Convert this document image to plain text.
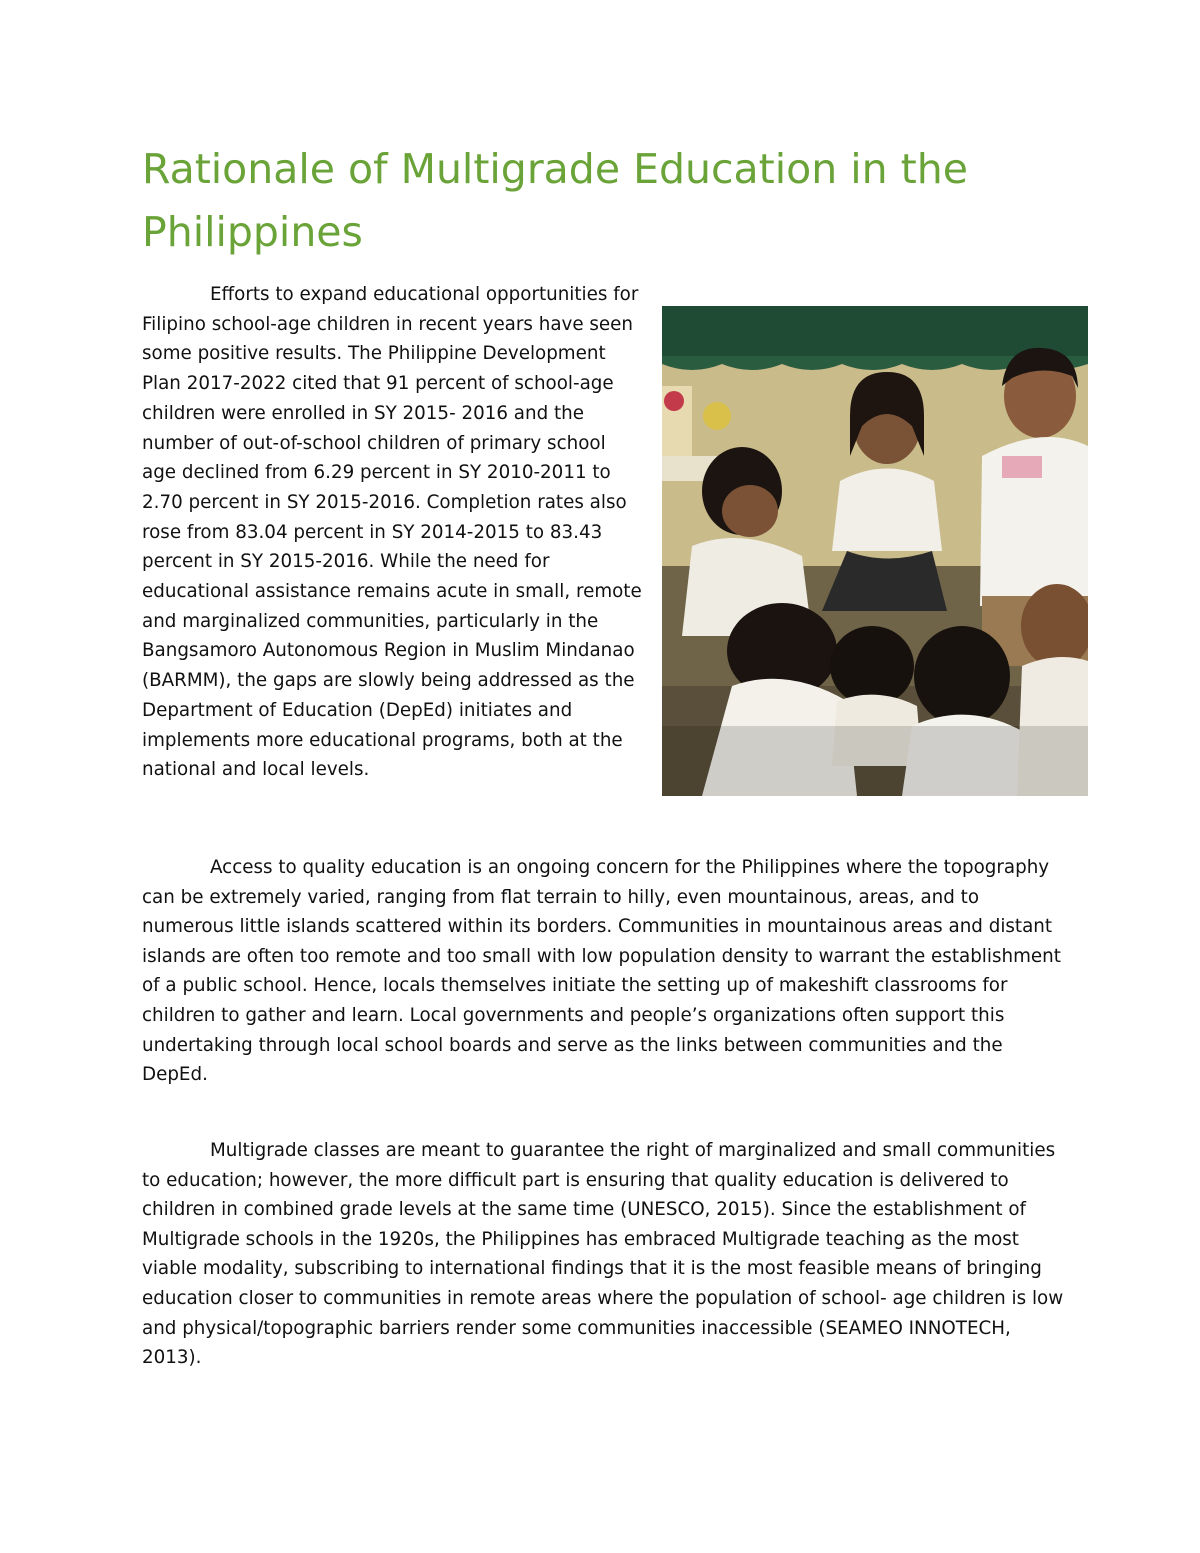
Rationale of Multigrade Education in the Philippines

Efforts to expand educational opportunities for Filipino school-age children in recent years have seen some positive results. The Philippine Development Plan 2017-2022 cited that 91 percent of school-age children were enrolled in SY 2015- 2016 and the number of out-of-school children of primary school age declined from 6.29 percent in SY 2010-2011 to 2.70 percent in SY 2015-2016. Completion rates also rose from 83.04 percent in SY 2014-2015 to 83.43 percent in SY 2015-2016. While the need for educational assistance remains acute in small, remote and marginalized communities, particularly in the Bangsamoro Autonomous Region in Muslim Mindanao (BARMM), the gaps are slowly being addressed as the Department of Education (DepEd) initiates and implements more educational programs, both at the national and local levels.

Access to quality education is an ongoing concern for the Philippines where the topography can be extremely varied, ranging from flat terrain to hilly, even mountainous, areas, and to numerous little islands scattered within its borders. Communities in mountainous areas and distant islands are often too remote and too small with low population density to warrant the establishment of a public school. Hence, locals themselves initiate the setting up of makeshift classrooms for children to gather and learn. Local governments and people’s organizations often support this undertaking through local school boards and serve as the links between communities and the DepEd.

Multigrade classes are meant to guarantee the right of marginalized and small communities to education; however, the more difficult part is ensuring that quality education is delivered to children in combined grade levels at the same time (UNESCO, 2015). Since the establishment of Multigrade schools in the 1920s, the Philippines has embraced Multigrade teaching as the most viable modality, subscribing to international findings that it is the most feasible means of bringing education closer to communities in remote areas where the population of school- age children is low and physical/topographic barriers render some communities inaccessible (SEAMEO INNOTECH, 2013).
